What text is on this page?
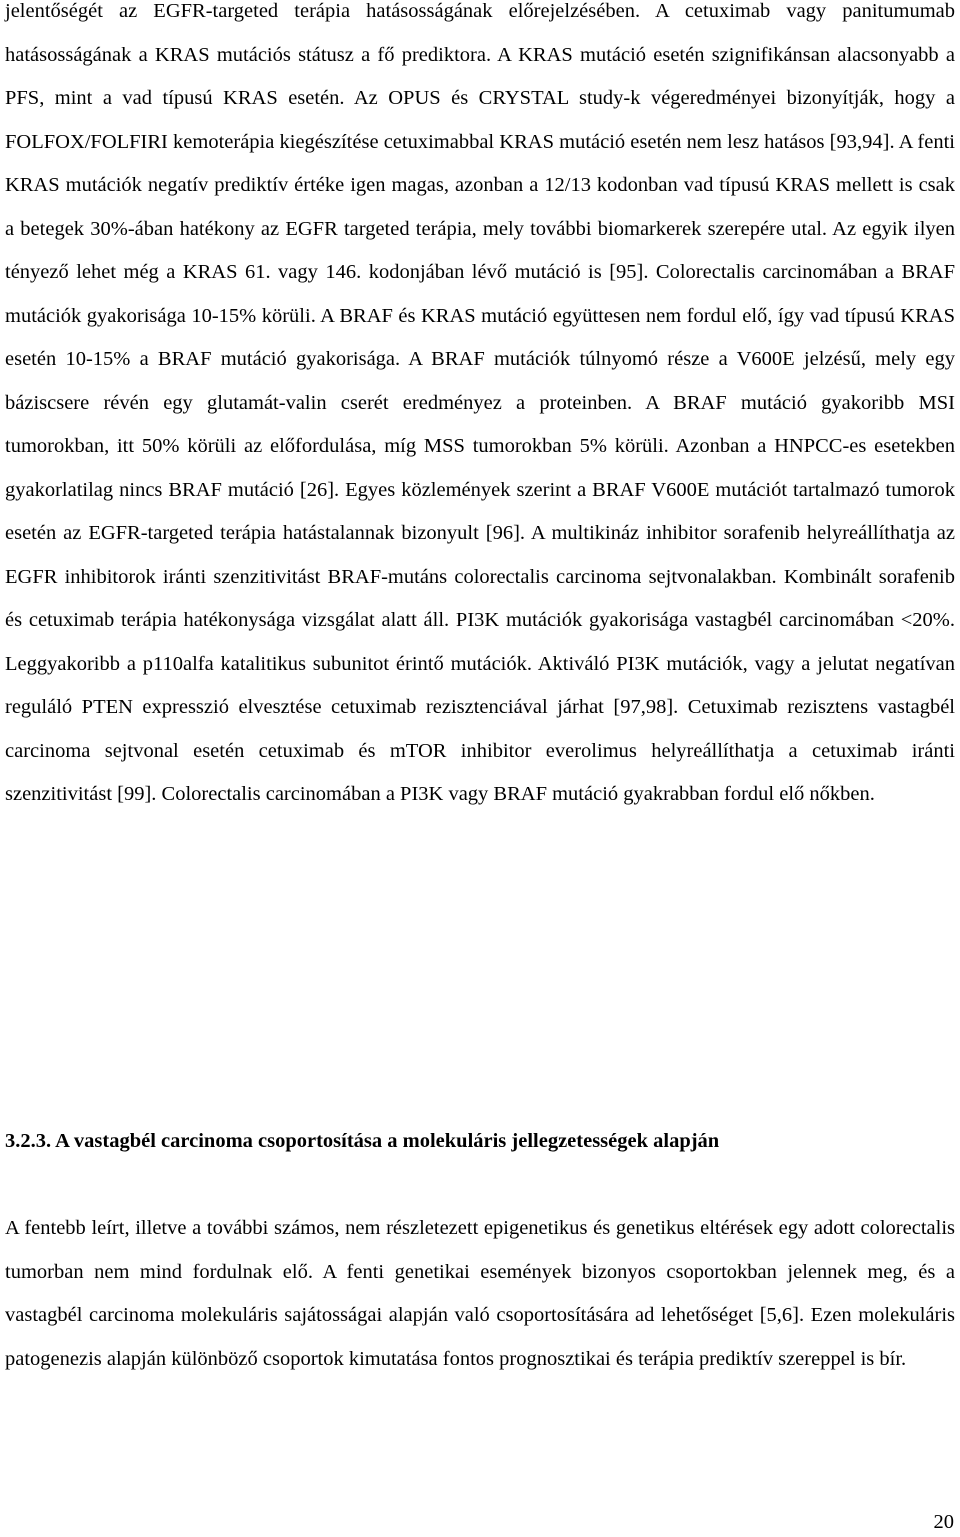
jelentőségét az EGFR-targeted terápia hatásosságának előrejelzésében. A cetuximab vagy panitumumab hatásosságának a KRAS mutációs státusz a fő prediktora. A KRAS mutáció esetén szignifikánsan alacsonyabb a PFS, mint a vad típusú KRAS esetén. Az OPUS és CRYSTAL study-k végeredményei bizonyítják, hogy a FOLFOX/FOLFIRI kemoterápia kiegészítése cetuximabbal KRAS mutáció esetén nem lesz hatásos [93,94]. A fenti KRAS mutációk negatív prediktív értéke igen magas, azonban a 12/13 kodonban vad típusú KRAS mellett is csak a betegek 30%-ában hatékony az EGFR targeted terápia, mely további biomarkerek szerepére utal. Az egyik ilyen tényező lehet még a KRAS 61. vagy 146. kodonjában lévő mutáció is [95]. Colorectalis carcinomában a BRAF mutációk gyakorisága 10-15% körüli. A BRAF és KRAS mutáció együttesen nem fordul elő, így vad típusú KRAS esetén 10-15% a BRAF mutáció gyakorisága. A BRAF mutációk túlnyomó része a V600E jelzésű, mely egy báziscsere révén egy glutamát-valin cserét eredményez a proteinben. A BRAF mutáció gyakoribb MSI tumorokban, itt 50% körüli az előfordulása, míg MSS tumorokban 5% körüli. Azonban a HNPCC-es esetekben gyakorlatilag nincs BRAF mutáció [26]. Egyes közlemények szerint a BRAF V600E mutációt tartalmazó tumorok esetén az EGFR-targeted terápia hatástalannak bizonyult [96]. A multikináz inhibitor sorafenib helyreállíthatja az EGFR inhibitorok iránti szenzitivitást BRAF-mutáns colorectalis carcinoma sejtvonalakban. Kombinált sorafenib és cetuximab terápia hatékonysága vizsgálat alatt áll. PI3K mutációk gyakorisága vastagbél carcinomában <20%. Leggyakoribb a p110alfa katalitikus subunitot érintő mutációk. Aktiváló PI3K mutációk, vagy a jelutat negatívan reguláló PTEN expresszió elvesztése cetuximab rezisztenciával járhat [97,98]. Cetuximab rezisztens vastagbél carcinoma sejtvonal esetén cetuximab és mTOR inhibitor everolimus helyreállíthatja a cetuximab iránti szenzitivitást [99]. Colorectalis carcinomában a PI3K vagy BRAF mutáció gyakrabban fordul elő nőkben.

3.2.3. A vastagbél carcinoma csoportosítása a molekuláris jellegzetességek alapján

A fentebb leírt, illetve a további számos, nem részletezett epigenetikus és genetikus eltérések egy adott colorectalis tumorban nem mind fordulnak elő. A fenti genetikai események bizonyos csoportokban jelennek meg, és a vastagbél carcinoma molekuláris sajátosságai alapján való csoportosítására ad lehetőséget [5,6]. Ezen molekuláris patogenezis alapján különböző csoportok kimutatása fontos prognosztikai és terápia prediktív szereppel is bír.

20
